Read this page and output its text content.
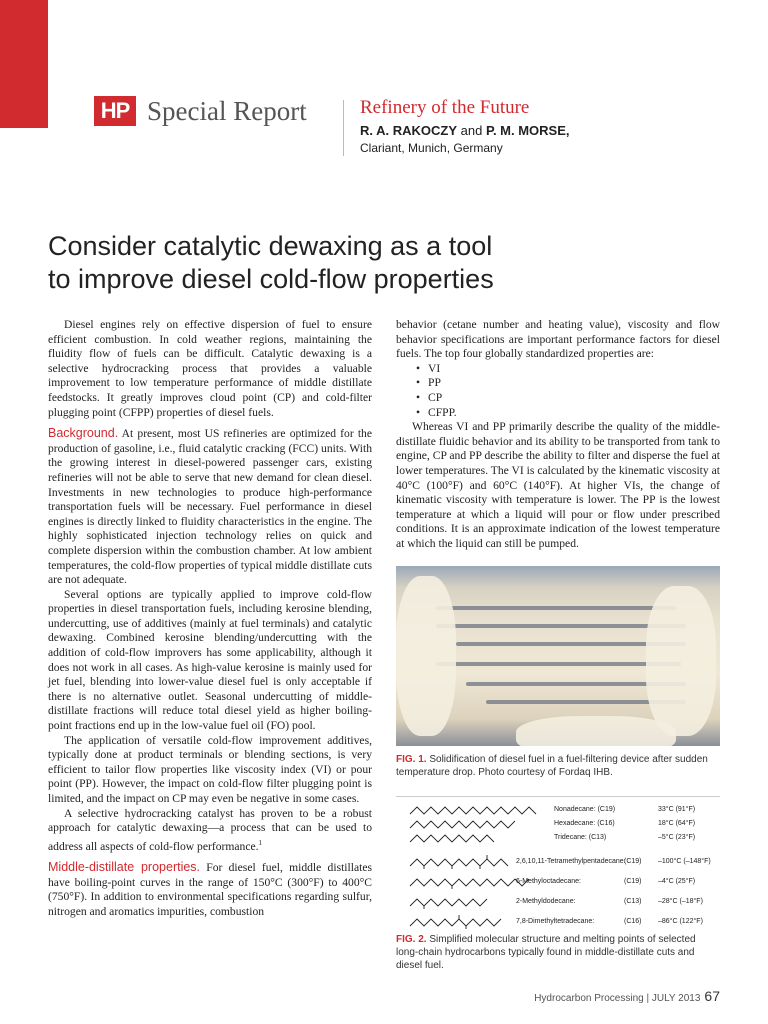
HP Special Report	Refinery of the Future
R. A. RAKOCZY and P. M. MORSE,
Clariant, Munich, Germany
Consider catalytic dewaxing as a tool
to improve diesel cold-flow properties

Diesel engines rely on effective dispersion of fuel to ensure efficient combustion. In cold weather regions, maintaining the fluidity flow of fuels can be difficult. Catalytic dewaxing is a selective hydrocracking process that provides a valuable improvement to low temperature performance of middle distillate feedstocks. It greatly improves cloud point (CP) and cold-filter plugging point (CFPP) properties of diesel fuels.

Background. At present, most US refineries are optimized for the production of gasoline, i.e., fluid catalytic cracking (FCC) units. With the growing interest in diesel-powered passenger cars, existing refineries will not be able to serve that new demand for clean diesel. Investments in new technologies to produce high-performance transportation fuels will be necessary. Fuel performance in diesel engines is directly linked to fluidity characteristics in the engine. The highly sophisticated injection technology relies on quick and complete dispersion within the combustion chamber. At low ambient temperatures, the cold-flow properties of typical middle distillate cuts are not adequate.

Several options are typically applied to improve cold-flow properties in diesel transportation fuels, including kerosine blending, undercutting, use of additives (mainly at fuel terminals) and catalytic dewaxing. Combined kerosine blending/undercutting with the addition of cold-flow improvers has some applicability, although it does not work in all cases. As high-value kerosine is mainly used for jet fuel, blending into lower-value diesel fuel is only acceptable if there is no alternative outlet. Seasonal undercutting of middle-distillate fractions will reduce total diesel yield as higher boiling-point fractions end up in the low-value fuel oil (FO) pool.

The application of versatile cold-flow improvement additives, typically done at product terminals or blending sections, is very efficient to tailor flow properties like viscosity index (VI) or pour point (PP). However, the impact on cold-flow filter plugging point is limited, and the impact on CP may even be negative in some cases.

A selective hydrocracking catalyst has proven to be a robust approach for catalytic dewaxing—a process that can be used to address all aspects of cold-flow performance.$^1$

Middle-distillate properties. For diesel fuel, middle distillates have boiling-point curves in the range of 150°C (300°F) to 400°C (750°F). In addition to environmental specifications regarding sulfur, nitrogen and aromatics impurities, combustion

behavior (cetane number and heating value), viscosity and flow behavior specifications are important performance factors for diesel fuels. The top four globally standardized properties are:

• VI
• PP
• CP
• CFPP.

Whereas VI and PP primarily describe the quality of the middle-distillate fluidic behavior and its ability to be transported from tank to engine, CP and PP describe the ability to filter and disperse the fuel at lower temperatures. The VI is calculated by the kinematic viscosity at 40°C (100°F) and 60°C (140°F). At higher VIs, the change of kinematic viscosity with temperature is lower. The PP is the lowest temperature at which a liquid will pour or flow under prescribed conditions. It is an approximate indication of the lowest temperature at which the liquid can still be pumped.

FIG. 1. Solidification of diesel fuel in a fuel-filtering device after sudden temperature drop. Photo courtesy of Fordaq IHB.
Nonadecane: (C19)	33°C (91°F)
Hexadecane: (C16)	18°C (64°F)
Tridecane: (C13)	–5°C (23°F)
2,6,10,11-Tetramethylpentadecane:
(C19) –100°C (–148°F)
6-Methyloctadecane:	(C19) –4°C (25°F)
2-Methyldodecane:	(C13) –28°C (–18°F)
7,8-Dimethyltetradecane:	(C16) –86°C (122°F)
FIG. 2. Simplified molecular structure and melting points of selected long-chain hydrocarbons typically found in middle-distillate cuts and diesel fuel.
Hydrocarbon Processing | JULY 2013 67
